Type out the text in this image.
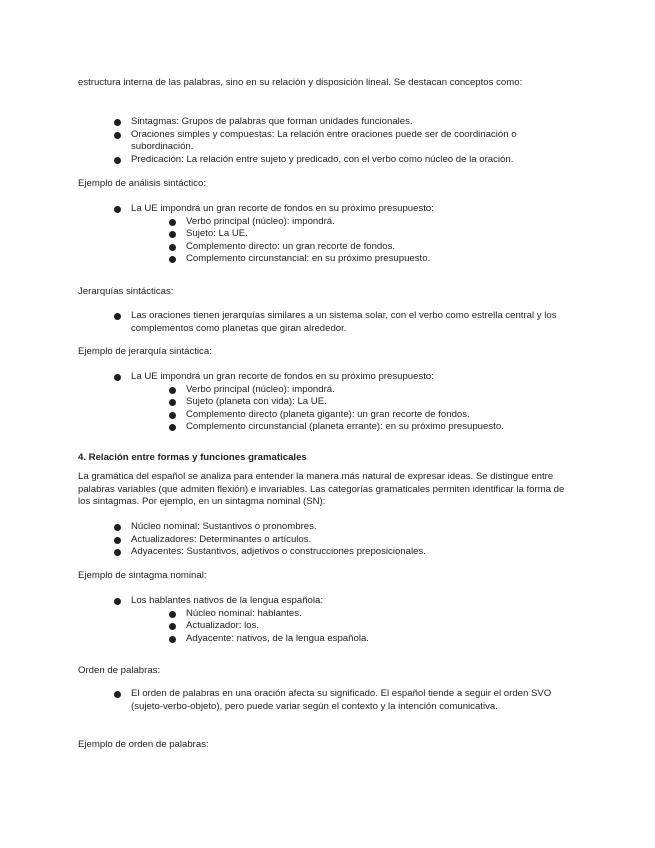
estructura interna de las palabras, sino en su relación y disposición lineal. Se destacan conceptos como:

Sintagmas: Grupos de palabras que forman unidades funcionales.
Oraciones simples y compuestas: La relación entre oraciones puede ser de coordinación o subordinación.
Predicación: La relación entre sujeto y predicado, con el verbo como núcleo de la oración.

Ejemplo de análisis sintáctico:

La UE impondrá un gran recorte de fondos en su próximo presupuesto:
Verbo principal (núcleo): impondrá.
Sujeto: La UE.
Complemento directo: un gran recorte de fondos.
Complemento circunstancial: en su próximo presupuesto.

Jerarquías sintácticas:

Las oraciones tienen jerarquías similares a un sistema solar, con el verbo como estrella central y los complementos como planetas que giran alrededor.

Ejemplo de jerarquía sintáctica:

La UE impondrá un gran recorte de fondos en su próximo presupuesto:
Verbo principal (núcleo): impondrá.
Sujeto (planeta con vida): La UE.
Complemento directo (planeta gigante): un gran recorte de fondos.
Complemento circunstancial (planeta errante): en su próximo presupuesto.

4. Relación entre formas y funciones gramaticales

La gramática del español se analiza para entender la manera más natural de expresar ideas. Se distingue entre palabras variables (que admiten flexión) e invariables. Las categorías gramaticales permiten identificar la forma de los sintagmas. Por ejemplo, en un sintagma nominal (SN):

Núcleo nominal: Sustantivos o pronombres.
Actualizadores: Determinantes o artículos.
Adyacentes: Sustantivos, adjetivos o construcciones preposicionales.

Ejemplo de sintagma nominal:

Los hablantes nativos de la lengua española:
Núcleo nominal: hablantes.
Actualizador: los.
Adyacente: nativos, de la lengua española.

Orden de palabras:

El orden de palabras en una oración afecta su significado. El español tiende a seguir el orden SVO (sujeto-verbo-objeto), pero puede variar según el contexto y la intención comunicativa.

Ejemplo de orden de palabras:
